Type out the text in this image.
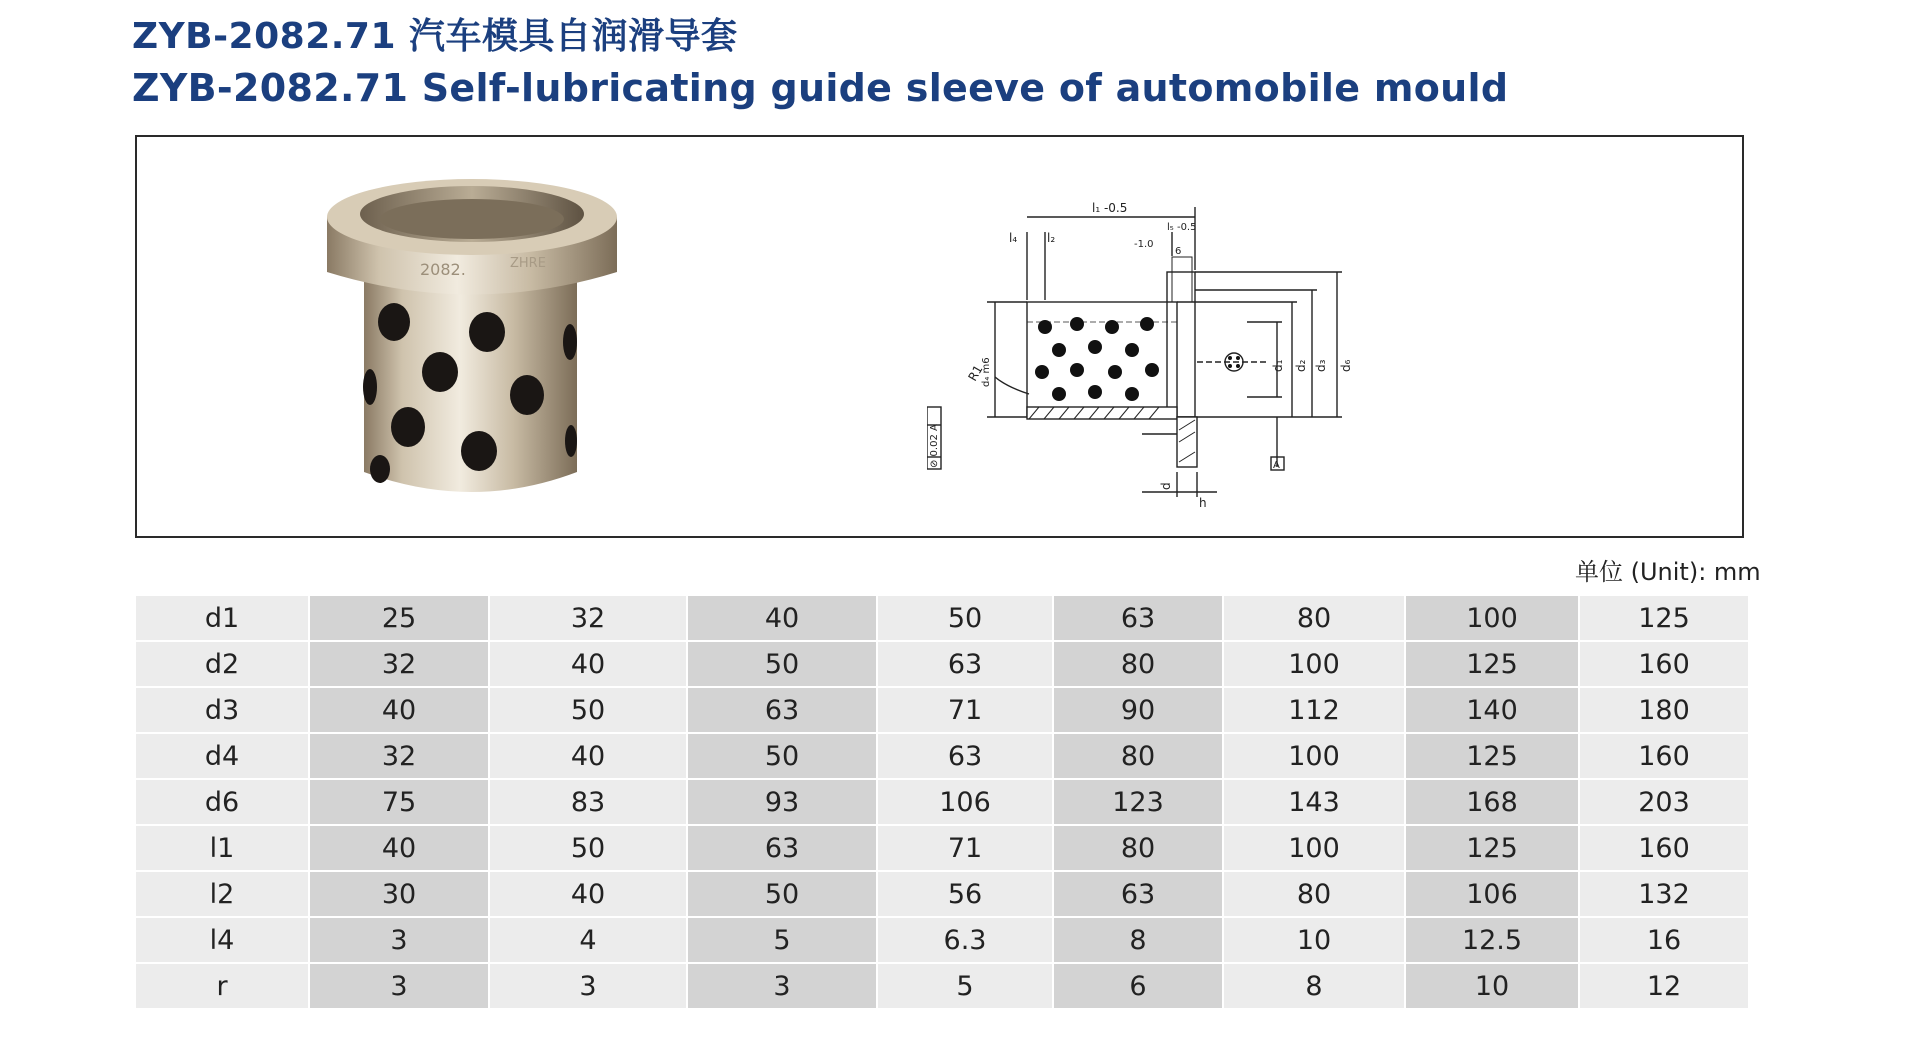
ZYB-2082.71 汽车模具自润滑导套
ZYB-2082.71 Self-lubricating guide sleeve of automobile mould
2082.	ZHRE
l₁ -0.5
l₄ l₂
l₅ -0.5
-1.0
6
d₁ d₂ d₃ d₆
d₄ m6
R1
h
d
A
⊘ 0.02 A
单位 (Unit): mm
d1	25	32	40	50	63	80	100	125
d2	32	40	50	63	80	100	125	160
d3	40	50	63	71	90	112	140	180
d4	32	40	50	63	80	100	125	160
d6	75	83	93	106	123	143	168	203
l1	40	50	63	71	80	100	125	160
l2	30	40	50	56	63	80	106	132
l4	3	4	5	6.3	8	10	12.5	16
r	3	3	3	5	6	8	10	12
